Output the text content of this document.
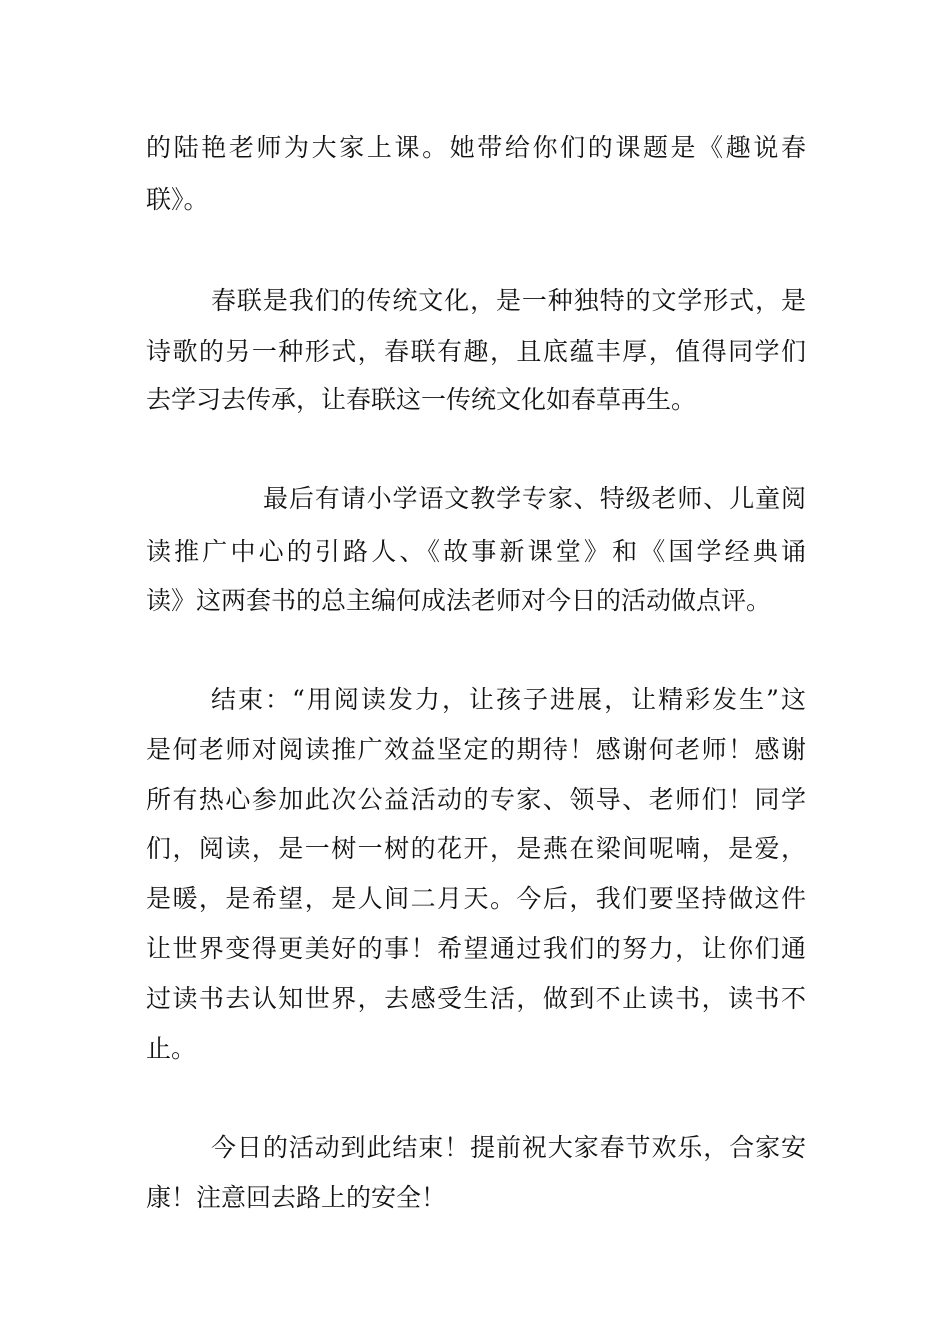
的陆艳老师为大家上课。她带给你们的课题是《趣说春
联》。
春联是我们的传统文化，是一种独特的文学形式，是
诗歌的另一种形式，春联有趣，且底蕴丰厚，值得同学们
去学习去传承，让春联这一传统文化如春草再生。
最后有请小学语文教学专家、特级老师、儿童阅
读推广中心的引路人、《故事新课堂》和《国学经典诵
读》这两套书的总主编何成法老师对今日的活动做点评。
结束：“用阅读发力，让孩子进展，让精彩发生”这
是何老师对阅读推广效益坚定的期待！感谢何老师！感谢
所有热心参加此次公益活动的专家、领导、老师们！同学
们，阅读，是一树一树的花开，是燕在梁间呢喃，是爱，
是暖，是希望，是人间二月天。今后，我们要坚持做这件
让世界变得更美好的事！希望通过我们的努力，让你们通
过读书去认知世界，去感受生活，做到不止读书，读书不
止。
今日的活动到此结束！提前祝大家春节欢乐，合家安
康！注意回去路上的安全！
